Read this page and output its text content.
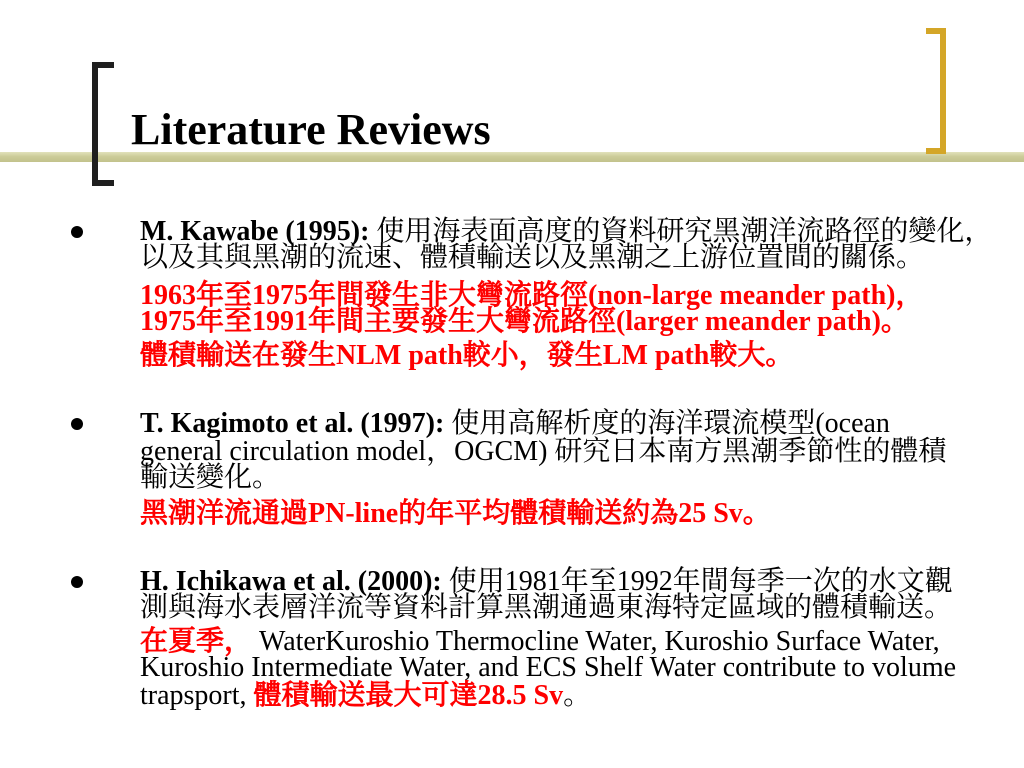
Literature Reviews
M. Kawabe (1995): 使用海表面高度的資料研究黑潮洋流路徑的變化，
以及其與黑潮的流速、體積輸送以及黑潮之上游位置間的關係。
1963年至1975年間發生非大彎流路徑(non-large meander path)，
1975年至1991年間主要發生大彎流路徑(larger meander path)。
體積輸送在發生NLM path較小，發生LM path較大。
T. Kagimoto et al. (1997): 使用高解析度的海洋環流模型(ocean
general circulation model，OGCM) 研究日本南方黑潮季節性的體積
輸送變化。
黑潮洋流通過PN-line的年平均體積輸送約為25 Sv。
H. Ichikawa et al. (2000): 使用1981年至1992年間每季一次的水文觀
測與海水表層洋流等資料計算黑潮通過東海特定區域的體積輸送。
在夏季， WaterKuroshio Thermocline Water, Kuroshio Surface Water,
Kuroshio Intermediate Water, and ECS Shelf Water contribute to volume
trapsport, 體積輸送最大可達28.5 Sv。
